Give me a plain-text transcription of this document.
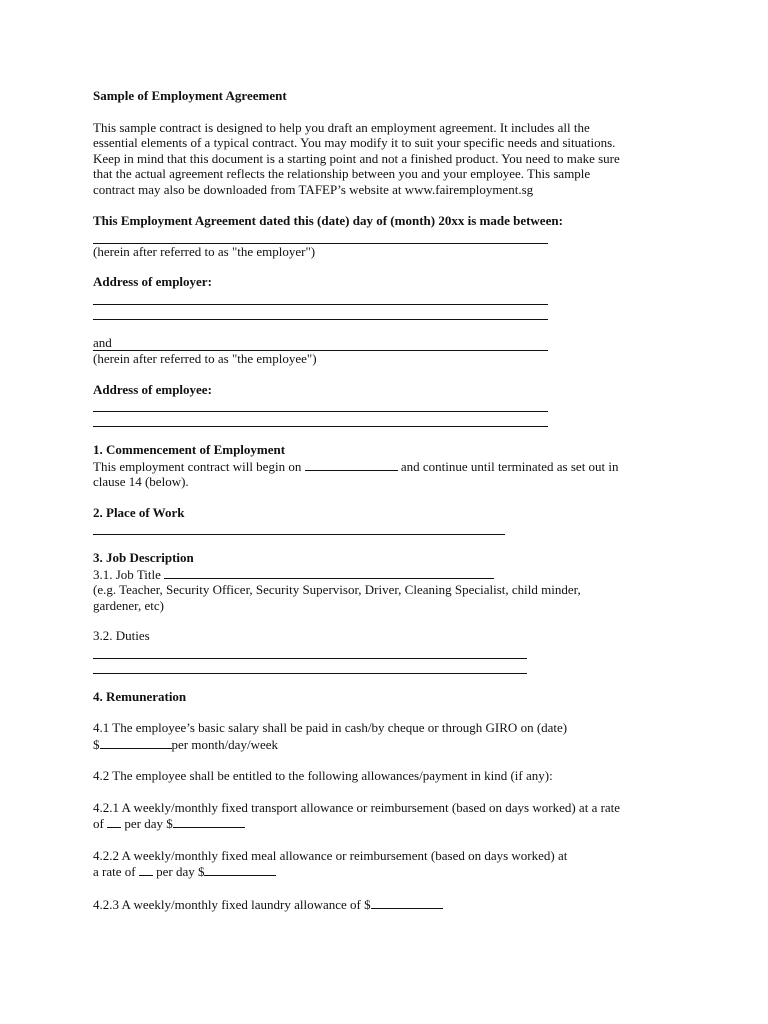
Sample of Employment Agreement

This sample contract is designed to help you draft an employment agreement. It includes all the

essential elements of a typical contract. You may modify it to suit your specific needs and situations.

Keep in mind that this document is a starting point and not a finished product. You need to make sure

that the actual agreement reflects the relationship between you and your employee. This sample

contract may also be downloaded from TAFEP’s website at www.fairemployment.sg

This Employment Agreement dated this (date) day of (month) 20xx is made between:

(herein after referred to as "the employer")

Address of employer:

and

(herein after referred to as "the employee")

Address of employee:

1. Commencement of Employment

This employment contract will begin on	and continue until terminated as set out in

clause 14 (below).

2. Place of Work

3. Job Description

3.1. Job Title

(e.g. Teacher, Security Officer, Security Supervisor, Driver, Cleaning Specialist, child minder,

gardener, etc)

3.2. Duties

4. Remuneration

4.1 The employee’s basic salary shall be paid in cash/by cheque or through GIRO on (date)

$	per month/day/week

4.2 The employee shall be entitled to the following allowances/payment in kind (if any):

4.2.1 A weekly/monthly fixed transport allowance or reimbursement (based on days worked) at a rate

of  per day $

4.2.2 A weekly/monthly fixed meal allowance or reimbursement (based on days worked) at

a rate of  per day $

4.2.3 A weekly/monthly fixed laundry allowance of $
